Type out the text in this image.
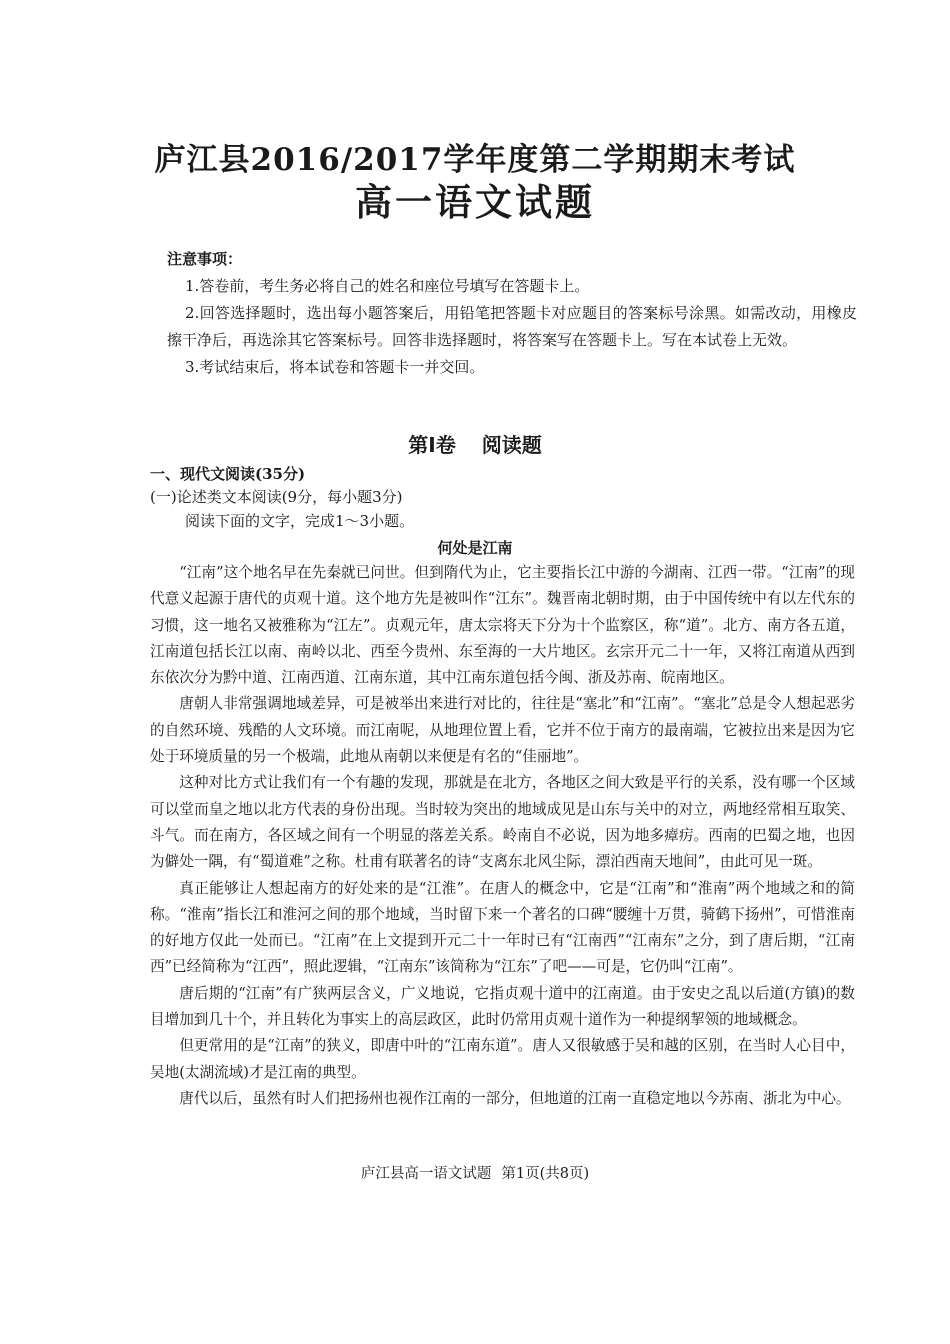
庐江县2016/2017学年度第二学期期末考试
高一语文试题

注意事项：

1.答卷前，考生务必将自己的姓名和座位号填写在答题卡上。

2.回答选择题时，选出每小题答案后，用铅笔把答题卡对应题目的答案标号涂黑。如需改动，用橡皮擦干净后，再选涂其它答案标号。回答非选择题时，将答案写在答题卡上。写在本试卷上无效。

3.考试结束后，将本试卷和答题卡一并交回。

第Ⅰ卷 阅读题
一、现代文阅读(35分)
(一)论述类文本阅读(9分，每小题3分)
阅读下面的文字，完成1～3小题。
何处是江南

“江南”这个地名早在先秦就已问世。但到隋代为止，它主要指长江中游的今湖南、江西一带。“江南”的现代意义起源于唐代的贞观十道。这个地方先是被叫作“江东”。魏晋南北朝时期，由于中国传统中有以左代东的习惯，这一地名又被雅称为“江左”。贞观元年，唐太宗将天下分为十个监察区，称“道”。北方、南方各五道，江南道包括长江以南、南岭以北、西至今贵州、东至海的一大片地区。玄宗开元二十一年，又将江南道从西到东依次分为黔中道、江南西道、江南东道，其中江南东道包括今闽、浙及苏南、皖南地区。

唐朝人非常强调地域差异，可是被举出来进行对比的，往往是“塞北”和“江南”。“塞北”总是令人想起恶劣的自然环境、残酷的人文环境。而江南呢，从地理位置上看，它并不位于南方的最南端，它被拉出来是因为它处于环境质量的另一个极端，此地从南朝以来便是有名的“佳丽地”。

这种对比方式让我们有一个有趣的发现，那就是在北方，各地区之间大致是平行的关系，没有哪一个区域可以堂而皇之地以北方代表的身份出现。当时较为突出的地域成见是山东与关中的对立，两地经常相互取笑、斗气。而在南方，各区域之间有一个明显的落差关系。岭南自不必说，因为地多瘴疠。西南的巴蜀之地，也因为僻处一隅，有“蜀道难”之称。杜甫有联著名的诗“支离东北风尘际，漂泊西南天地间”，由此可见一斑。

真正能够让人想起南方的好处来的是“江淮”。在唐人的概念中，它是“江南”和“淮南”两个地域之和的简称。“淮南”指长江和淮河之间的那个地域，当时留下来一个著名的口碑“腰缠十万贯，骑鹤下扬州”，可惜淮南的好地方仅此一处而已。“江南”在上文提到开元二十一年时已有“江南西”“江南东”之分，到了唐后期，“江南西”已经简称为“江西”，照此逻辑，“江南东”该简称为“江东”了吧——可是，它仍叫“江南”。

唐后期的“江南”有广狭两层含义，广义地说，它指贞观十道中的江南道。由于安史之乱以后道(方镇)的数目增加到几十个，并且转化为事实上的高层政区，此时仍常用贞观十道作为一种提纲挈领的地域概念。

但更常用的是“江南”的狭义，即唐中叶的“江南东道”。唐人又很敏感于吴和越的区别，在当时人心目中，吴地(太湖流域)才是江南的典型。

唐代以后，虽然有时人们把扬州也视作江南的一部分，但地道的江南一直稳定地以今苏南、浙北为中心。

庐江县高一语文试题 第1页(共8页)
